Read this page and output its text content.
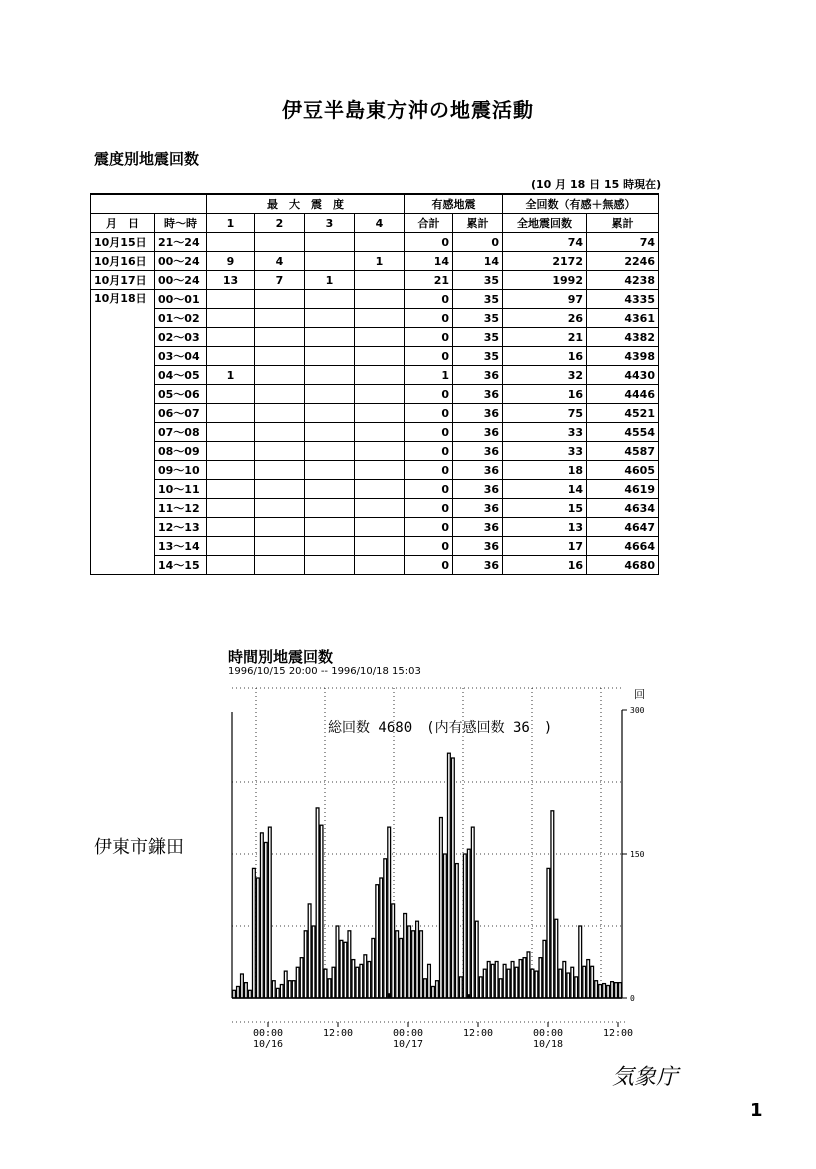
伊豆半島東方沖の地震活動
震度別地震回数
(10 月 18 日 15 時現在)
		最　大　震　度				有感地震		全回数（有感＋無感）	
月　日	時～時	1	2	3	4	合計	累計	全地震回数	累計
10月15日	21～24					0	0	74	74
10月16日	00～24	9	4		1	14	14	2172	2246
10月17日	00～24	13	7	1		21	35	1992	4238
10月18日	00～01					0	35	97	4335
	01～02					0	35	26	4361
	02～03					0	35	21	4382
	03～04					0	35	16	4398
	04～05	1				1	36	32	4430
	05～06					0	36	16	4446
	06～07					0	36	75	4521
	07～08					0	36	33	4554
	08～09					0	36	33	4587
	09～10					0	36	18	4605
	10～11					0	36	14	4619
	11～12					0	36	15	4634
	12～13					0	36	13	4647
	13～14					0	36	17	4664
	14～15					0	36	16	4680
時間別地震回数
1996/10/15 20:00 -- 1996/10/18 15:03
伊東市鎌田
300
150
0
00:00
10/16
12:00	00:00
10/17
12:00	00:00
10/18
12:00
総回数 4680　(内有感回数 36　)
回
気象庁
1
